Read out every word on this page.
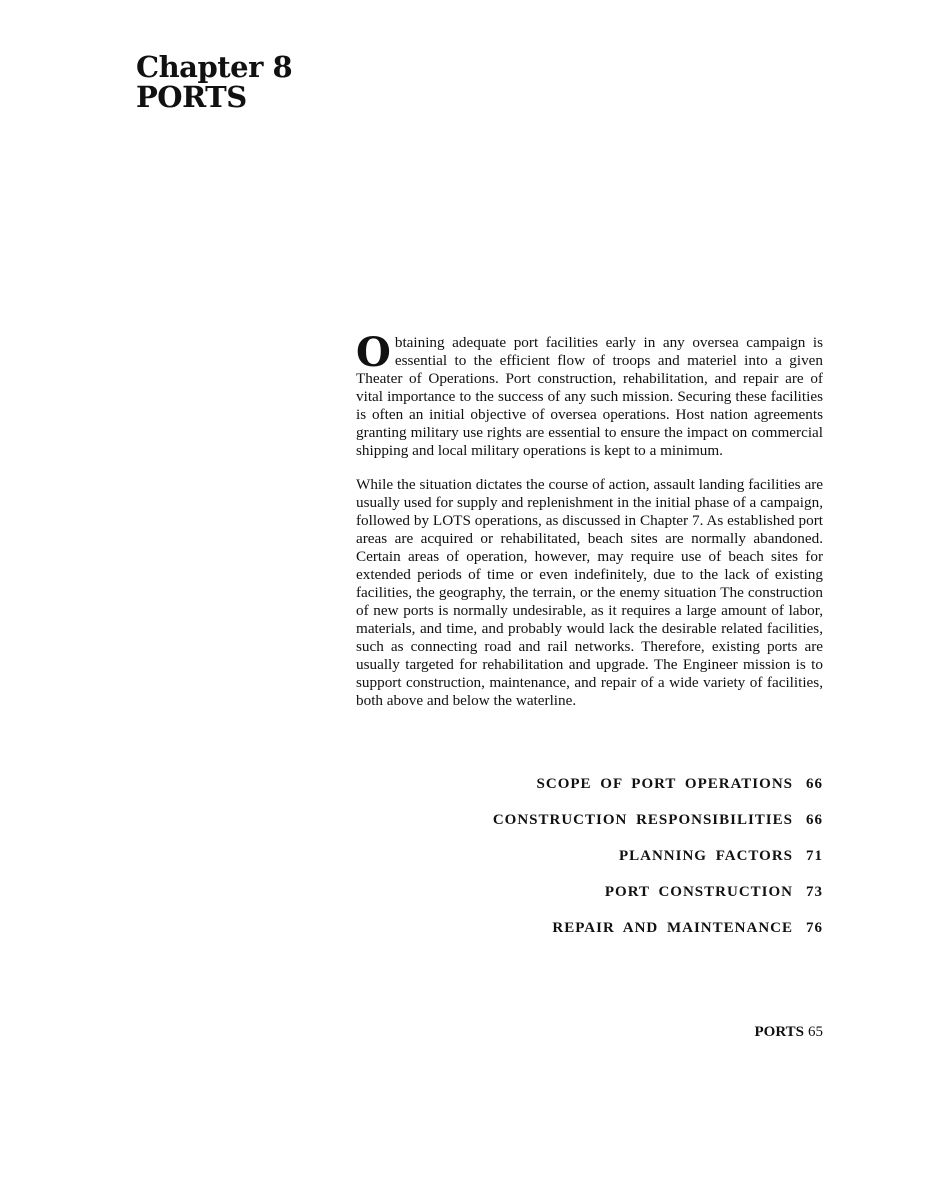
Chapter 8
PORTS

Obtaining adequate port facilities early in any oversea campaign is essential to the efficient flow of troops and materiel into a given Theater of Operations. Port construction, rehabilitation, and repair are of vital importance to the success of any such mission. Securing these facilities is often an initial objective of oversea operations. Host nation agreements granting military use rights are essential to ensure the impact on commercial shipping and local military operations is kept to a minimum.

While the situation dictates the course of action, assault landing facilities are usually used for supply and replenishment in the initial phase of a campaign, followed by LOTS operations, as discussed in Chapter 7. As established port areas are acquired or rehabilitated, beach sites are normally abandoned. Certain areas of operation, however, may require use of beach sites for extended periods of time or even indefinitely, due to the lack of existing facilities, the geography, the terrain, or the enemy situation The construction of new ports is normally undesirable, as it requires a large amount of labor, materials, and time, and probably would lack the desirable related facilities, such as connecting road and rail networks. Therefore, existing ports are usually targeted for rehabilitation and upgrade. The Engineer mission is to support construction, maintenance, and repair of a wide variety of facilities, both above and below the waterline.

SCOPE OF PORT OPERATIONS 66
CONSTRUCTION RESPONSIBILITIES 66
PLANNING FACTORS 71
PORT CONSTRUCTION 73
REPAIR AND MAINTENANCE 76
PORTS 65
